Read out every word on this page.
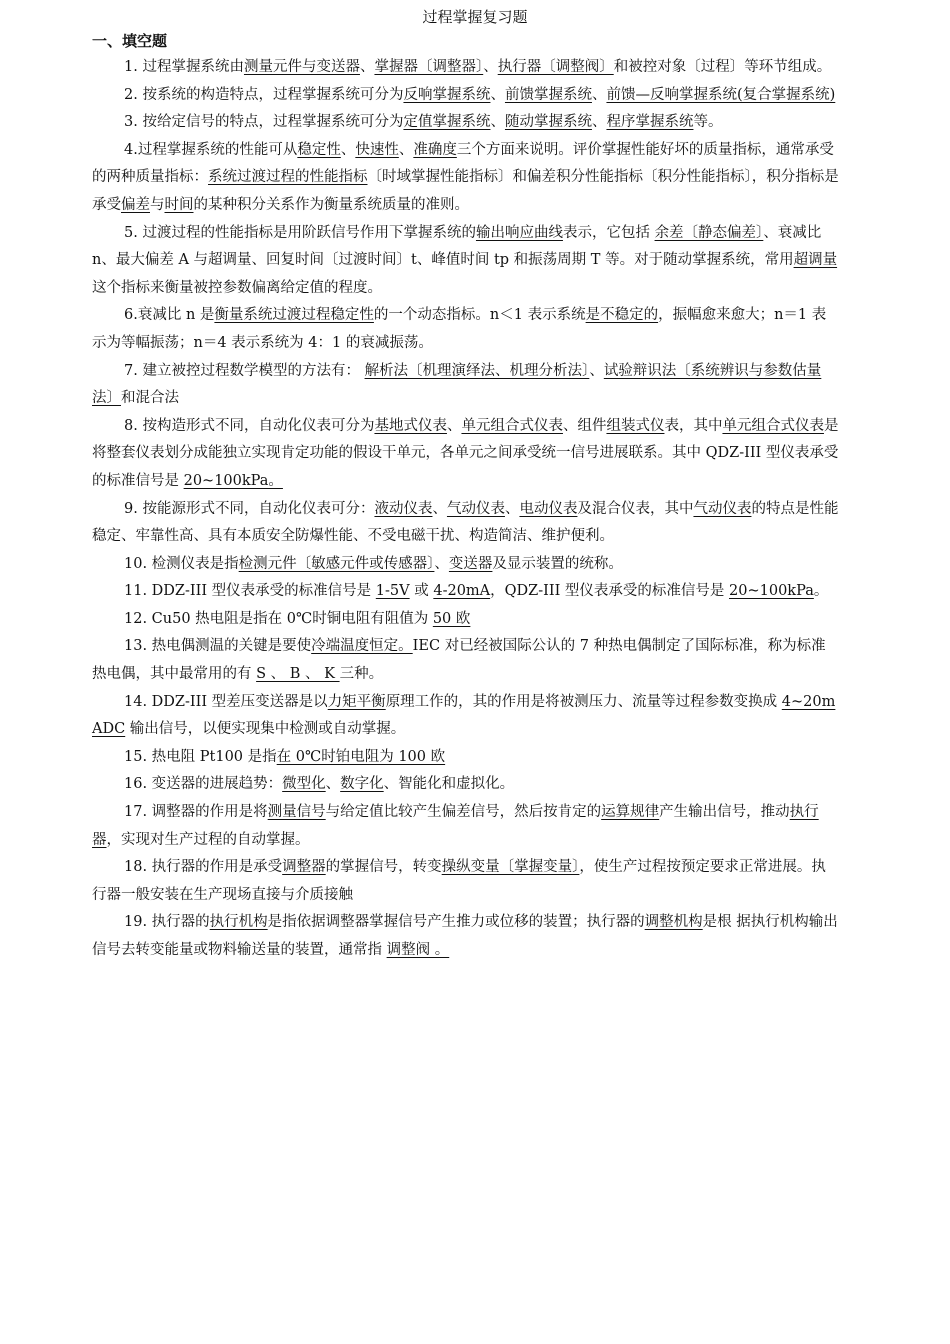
过程掌握复习题
一、填空题

1. 过程掌握系统由测量元件与变送器、掌握器〔调整器〕、执行器〔调整阀〕和被控对象〔过程〕等环节组成。

2. 按系统的构造特点，过程掌握系统可分为反响掌握系统、前馈掌握系统、前馈—反响掌握系统(复合掌握系统)

3. 按给定信号的特点，过程掌握系统可分为定值掌握系统、随动掌握系统、程序掌握系统等。

4.过程掌握系统的性能可从稳定性、快速性、准确度三个方面来说明。评价掌握性能好坏的质量指标，通常承受的两种质量指标：系统过渡过程的性能指标〔时域掌握性能指标〕和偏差积分性能指标〔积分性能指标〕，积分指标是承受偏差与时间的某种积分关系作为衡量系统质量的准则。

5. 过渡过程的性能指标是用阶跃信号作用下掌握系统的输出响应曲线表示，它包括 余差〔静态偏差〕、衰减比 n、最大偏差 A 与超调量、回复时间〔过渡时间〕t、峰值时间 tp 和振荡周期 T 等。对于随动掌握系统，常用超调量这个指标来衡量被控参数偏离给定值的程度。

6.衰减比 n 是衡量系统过渡过程稳定性的一个动态指标。n＜1 表示系统是不稳定的，振幅愈来愈大；n＝1 表示为等幅振荡；n＝4 表示系统为 4：1 的衰减振荡。

7. 建立被控过程数学模型的方法有： 解析法〔机理演绎法、机理分析法〕、试验辩识法〔系统辨识与参数估量法〕和混合法

8. 按构造形式不同，自动化仪表可分为基地式仪表、单元组合式仪表、组件组装式仪表，其中单元组合式仪表是将整套仪表划分成能独立实现肯定功能的假设干单元，各单元之间承受统一信号进展联系。其中 QDZ-III 型仪表承受的标准信号是 20~100kPa。

9. 按能源形式不同，自动化仪表可分：液动仪表、气动仪表、电动仪表及混合仪表，其中气动仪表的特点是性能稳定、牢靠性高、具有本质安全防爆性能、不受电磁干扰、构造简洁、维护便利。

10. 检测仪表是指检测元件〔敏感元件或传感器〕、变送器及显示装置的统称。

11. DDZ-III 型仪表承受的标准信号是 1-5V 或 4-20mA，QDZ-III 型仪表承受的标准信号是 20~100kPa。

12. Cu50 热电阻是指在 0℃时铜电阻有阻值为 50 欧

13. 热电偶测温的关键是要使冷端温度恒定。IEC 对已经被国际公认的 7 种热电偶制定了国际标准，称为标准热电偶，其中最常用的有 S 、 B 、 K 三种。

14. DDZ-III 型差压变送器是以力矩平衡原理工作的，其的作用是将被测压力、流量等过程参数变换成 4~20mADC 输出信号，以便实现集中检测或自动掌握。

15. 热电阻 Pt100 是指在 0℃时铂电阻为 100 欧

16. 变送器的进展趋势：微型化、数字化、智能化和虚拟化。

17. 调整器的作用是将测量信号与给定值比较产生偏差信号，然后按肯定的运算规律产生输出信号，推动执行器，实现对生产过程的自动掌握。

18. 执行器的作用是承受调整器的掌握信号，转变操纵变量〔掌握变量〕，使生产过程按预定要求正常进展。执行器一般安装在生产现场直接与介质接触

19. 执行器的执行机构是指依据调整器掌握信号产生推力或位移的装置；执行器的调整机构是根 据执行机构输出信号去转变能量或物料输送量的装置，通常指 调整阀 。
